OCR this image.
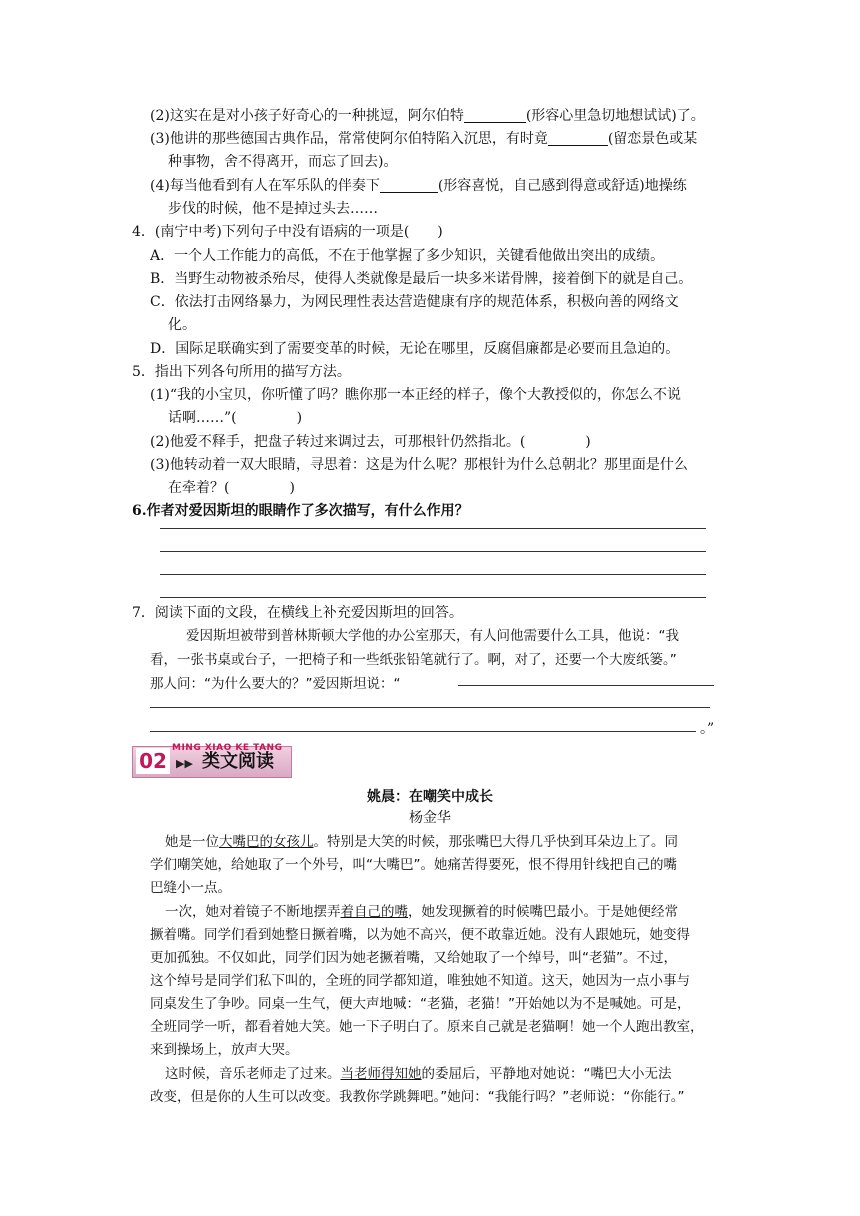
(2)这实在是对小孩子好奇心的一种挑逗，阿尔伯特	(形容心里急切地想试试)了。
(3)他讲的那些德国古典作品，常常使阿尔伯特陷入沉思，有时竟	(留恋景色或某
种事物，舍不得离开，而忘了回去)。
(4)每当他看到有人在军乐队的伴奏下	(形容喜悦，自己感到得意或舒适)地操练
步伐的时候，他不是掉过头去……
4．(南宁中考)下列句子中没有语病的一项是(　　)
A．一个人工作能力的高低，不在于他掌握了多少知识，关键看他做出突出的成绩。
B．当野生动物被杀殆尽，使得人类就像是最后一块多米诺骨牌，接着倒下的就是自己。
C．依法打击网络暴力，为网民理性表达营造健康有序的规范体系，积极向善的网络文
化。
D．国际足联确实到了需要变革的时候，无论在哪里，反腐倡廉都是必要而且急迫的。
5．指出下列各句所用的描写方法。
(1)“我的小宝贝，你听懂了吗？瞧你那一本正经的样子，像个大教授似的，你怎么不说
话啊……”(	)
(2)他爱不释手，把盘子转过来调过去，可那根针仍然指北。(	)
(3)他转动着一双大眼睛，寻思着：这是为什么呢？那根针为什么总朝北？那里面是什么
在牵着？(	)
6.作者对爱因斯坦的眼睛作了多次描写，有什么作用？
7．阅读下面的文段，在横线上补充爱因斯坦的回答。
爱因斯坦被带到普林斯顿大学他的办公室那天，有人问他需要什么工具，他说：“我
看，一张书桌或台子，一把椅子和一些纸张铅笔就行了。啊，对了，还要一个大废纸篓。”
那人问：“为什么要大的？”爱因斯坦说：“
。”
MING XIAO KE TANG
02 ▶▶ 类文阅读
姚晨：在嘲笑中成长
杨金华
她是一位大嘴巴的女孩儿。特别是大笑的时候，那张嘴巴大得几乎快到耳朵边上了。同
学们嘲笑她，给她取了一个外号，叫“大嘴巴”。她痛苦得要死，恨不得用针线把自己的嘴
巴缝小一点。
一次，她对着镜子不断地摆弄着自己的嘴，她发现撅着的时候嘴巴最小。于是她便经常
撅着嘴。同学们看到她整日撅着嘴，以为她不高兴，便不敢靠近她。没有人跟她玩，她变得
更加孤独。不仅如此，同学们因为她老撅着嘴，又给她取了一个绰号，叫“老猫”。不过，
这个绰号是同学们私下叫的，全班的同学都知道，唯独她不知道。这天，她因为一点小事与
同桌发生了争吵。同桌一生气，便大声地喊：“老猫，老猫！”开始她以为不是喊她。可是，
全班同学一听，都看着她大笑。她一下子明白了。原来自己就是老猫啊！她一个人跑出教室，
来到操场上，放声大哭。
这时候，音乐老师走了过来。当老师得知她的委屈后，平静地对她说：“嘴巴大小无法
改变，但是你的人生可以改变。我教你学跳舞吧。”她问：“我能行吗？”老师说：“你能行。”
